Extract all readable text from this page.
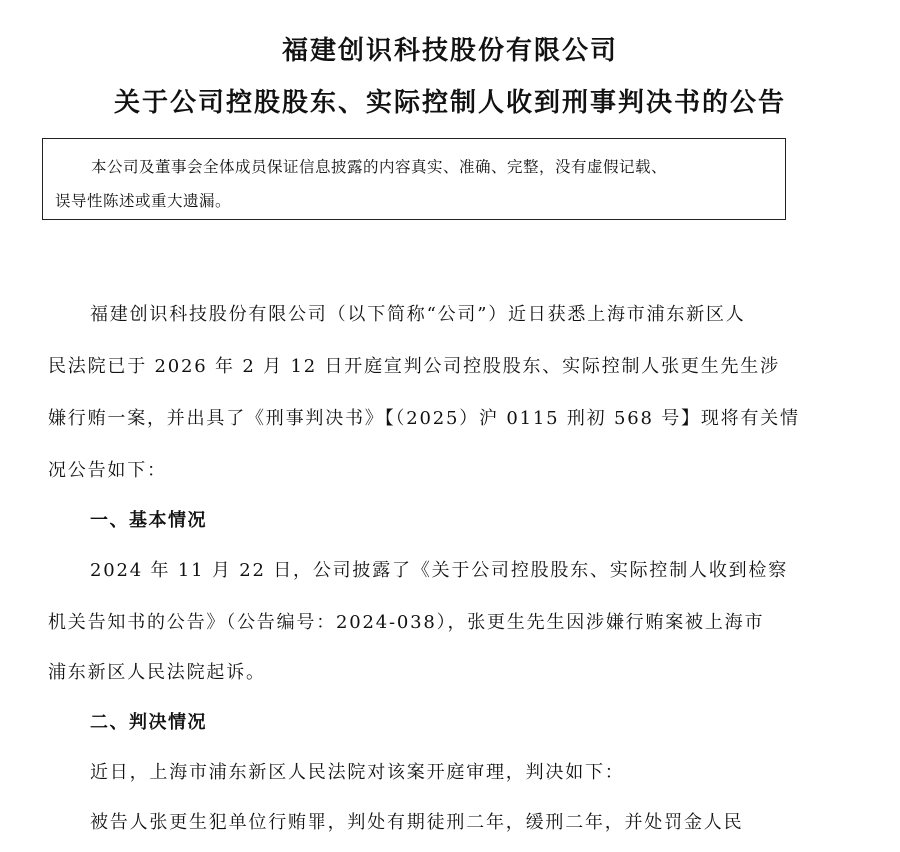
福建创识科技股份有限公司
关于公司控股股东、实际控制人收到刑事判决书的公告
本公司及董事会全体成员保证信息披露的内容真实、准确、完整，没有虚假记载、
误导性陈述或重大遗漏。
福建创识科技股份有限公司（以下简称“公司”）近日获悉上海市浦东新区人
民法院已于 2026 年 2 月 12 日开庭宣判公司控股股东、实际控制人张更生先生涉
嫌行贿一案，并出具了《刑事判决书》【（2025）沪 0115 刑初 568 号】现将有关情
况公告如下：
一、基本情况
2024 年 11 月 22 日，公司披露了《关于公司控股股东、实际控制人收到检察
机关告知书的公告》（公告编号：2024-038），张更生先生因涉嫌行贿案被上海市
浦东新区人民法院起诉。
二、判决情况
近日，上海市浦东新区人民法院对该案开庭审理，判决如下：
被告人张更生犯单位行贿罪，判处有期徒刑二年，缓刑二年，并处罚金人民
